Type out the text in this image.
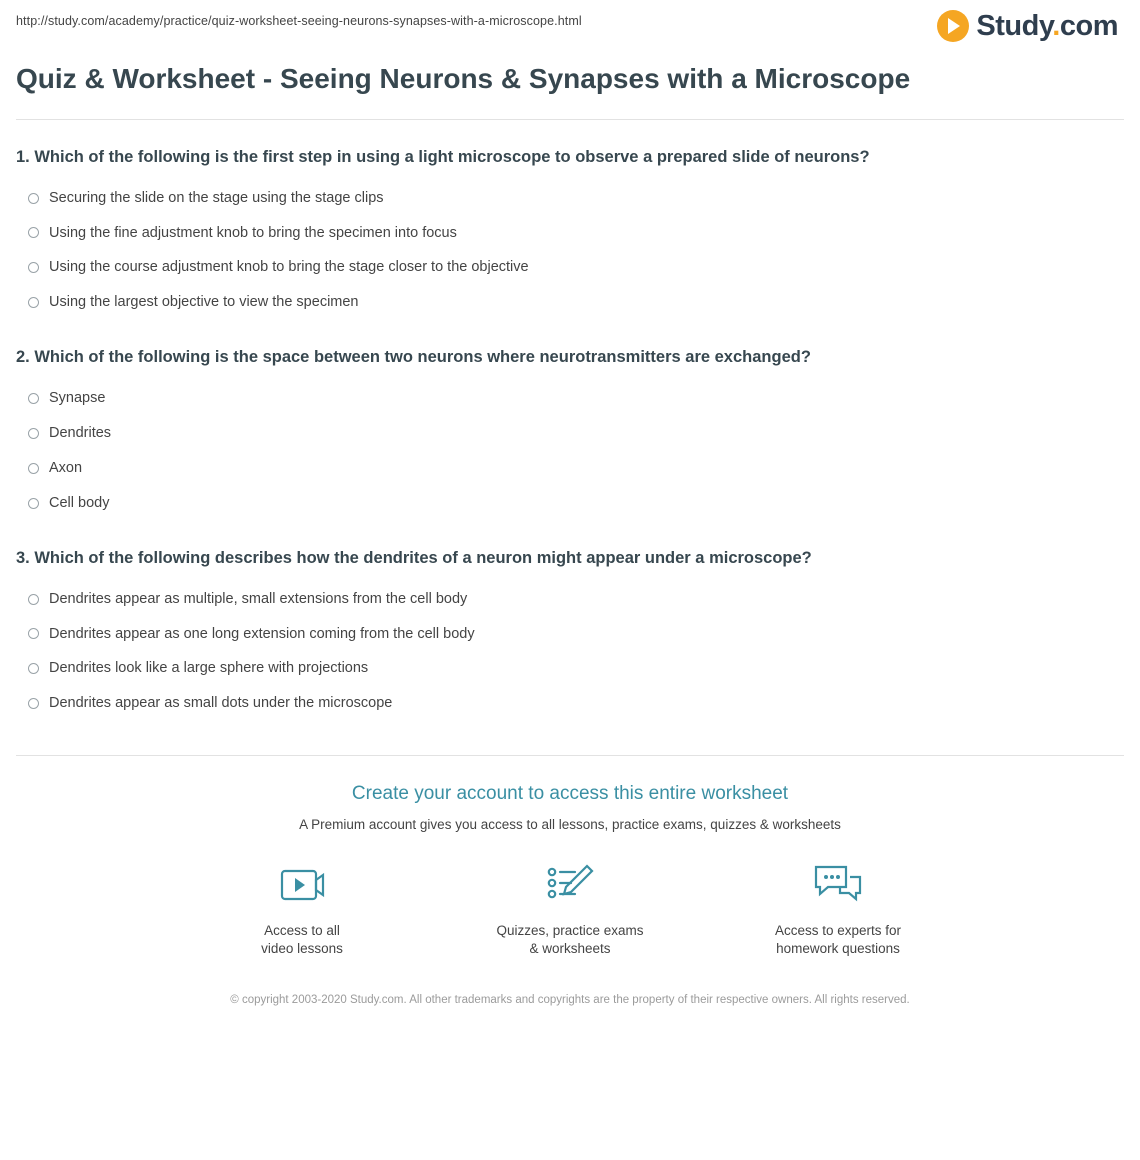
http://study.com/academy/practice/quiz-worksheet-seeing-neurons-synapses-with-a-microscope.html	Study.com
Quiz & Worksheet - Seeing Neurons & Synapses with a Microscope
1. Which of the following is the first step in using a light microscope to observe a prepared slide of neurons?
Securing the slide on the stage using the stage clips
Using the fine adjustment knob to bring the specimen into focus
Using the course adjustment knob to bring the stage closer to the objective
Using the largest objective to view the specimen
2. Which of the following is the space between two neurons where neurotransmitters are exchanged?
Synapse
Dendrites
Axon
Cell body
3. Which of the following describes how the dendrites of a neuron might appear under a microscope?
Dendrites appear as multiple, small extensions from the cell body
Dendrites appear as one long extension coming from the cell body
Dendrites look like a large sphere with projections
Dendrites appear as small dots under the microscope
Create your account to access this entire worksheet
A Premium account gives you access to all lessons, practice exams, quizzes & worksheets
Access to all
video lessons
Quizzes, practice exams
& worksheets
Access to experts for
homework questions
© copyright 2003-2020 Study.com. All other trademarks and copyrights are the property of their respective owners. All rights reserved.
